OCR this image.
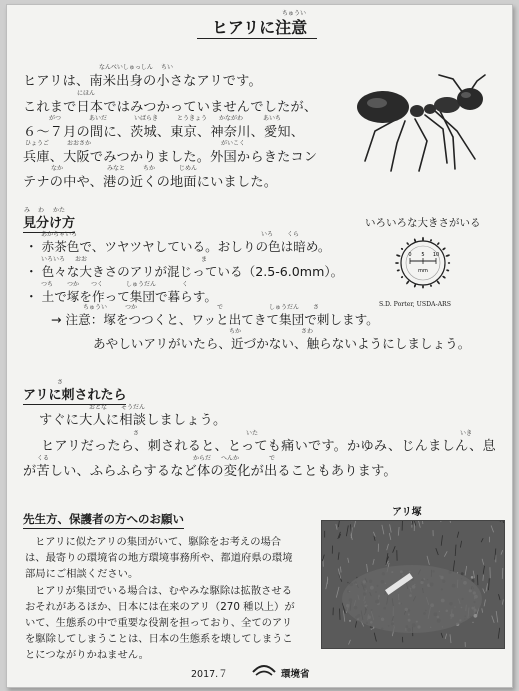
ちゅうい
ヒアリに注意
なんべいしゅっしん ちい
ヒアリは、南米出身の小さなアリです。
にほん
これまで日本ではみつかっていませんでしたが、
がつ	あいだ	いばらき	とうきょう かながわ	あいち
６～７月の間に、茨城、東京、神奈川、愛知、
ひょうご	おおさか	がいこく
兵庫、大阪でみつかりました。外国からきたコン
なか	みなと	ちか	じめん
テナの中や、港の近くの地面にいました。
み わ かた
見分け方
あかちゃいろ	いろ くら
・ 赤茶色で、ツヤツヤしている。おしりの色は暗め。
いろいろ おお	ま
・ 色々な大きさのアリが混じっている（2.5-6.0mm）。
つち つか つく	しゅうだん	く
・ 土で塚を作って集団で暮らす。
ちゅうい	つか	で	しゅうだん さ
→ 注意：塚をつつくと、ワッと出てきて集団で刺します。
ちか	さわ
あやしいアリがいたら、近づかない、触らないようにしましょう。
いろいろな大きさがいる
0 5 10
mm
S.D. Porter, USDA-ARS
さ
アリに刺されたら
おとな そうだん
すぐに大人に相談しましょう。
さ	いた	いき
ヒアリだったら、刺されると、とっても痛いです。かゆみ、じんましん、息
くる	からだ へんか	で
が苦しい、ふらふらするなど体の変化が出ることもあります。
先生方、保護者の方へのお願い
ヒアリに似たアリの集団がいて、駆除をお考えの場合
は、最寄りの環境省の地方環境事務所や、都道府県の環境
部局にご相談ください。
ヒアリが集団でいる場合は、むやみな駆除は拡散させる
おそれがあるほか、日本には在来のアリ（270 種以上）が
いて、生態系の中で重要な役割を担っており、全てのアリ
を駆除してしまうことは、日本の生態系を壊してしまうこ
とにつながりかねません。
アリ塚
2017.７	環境省
